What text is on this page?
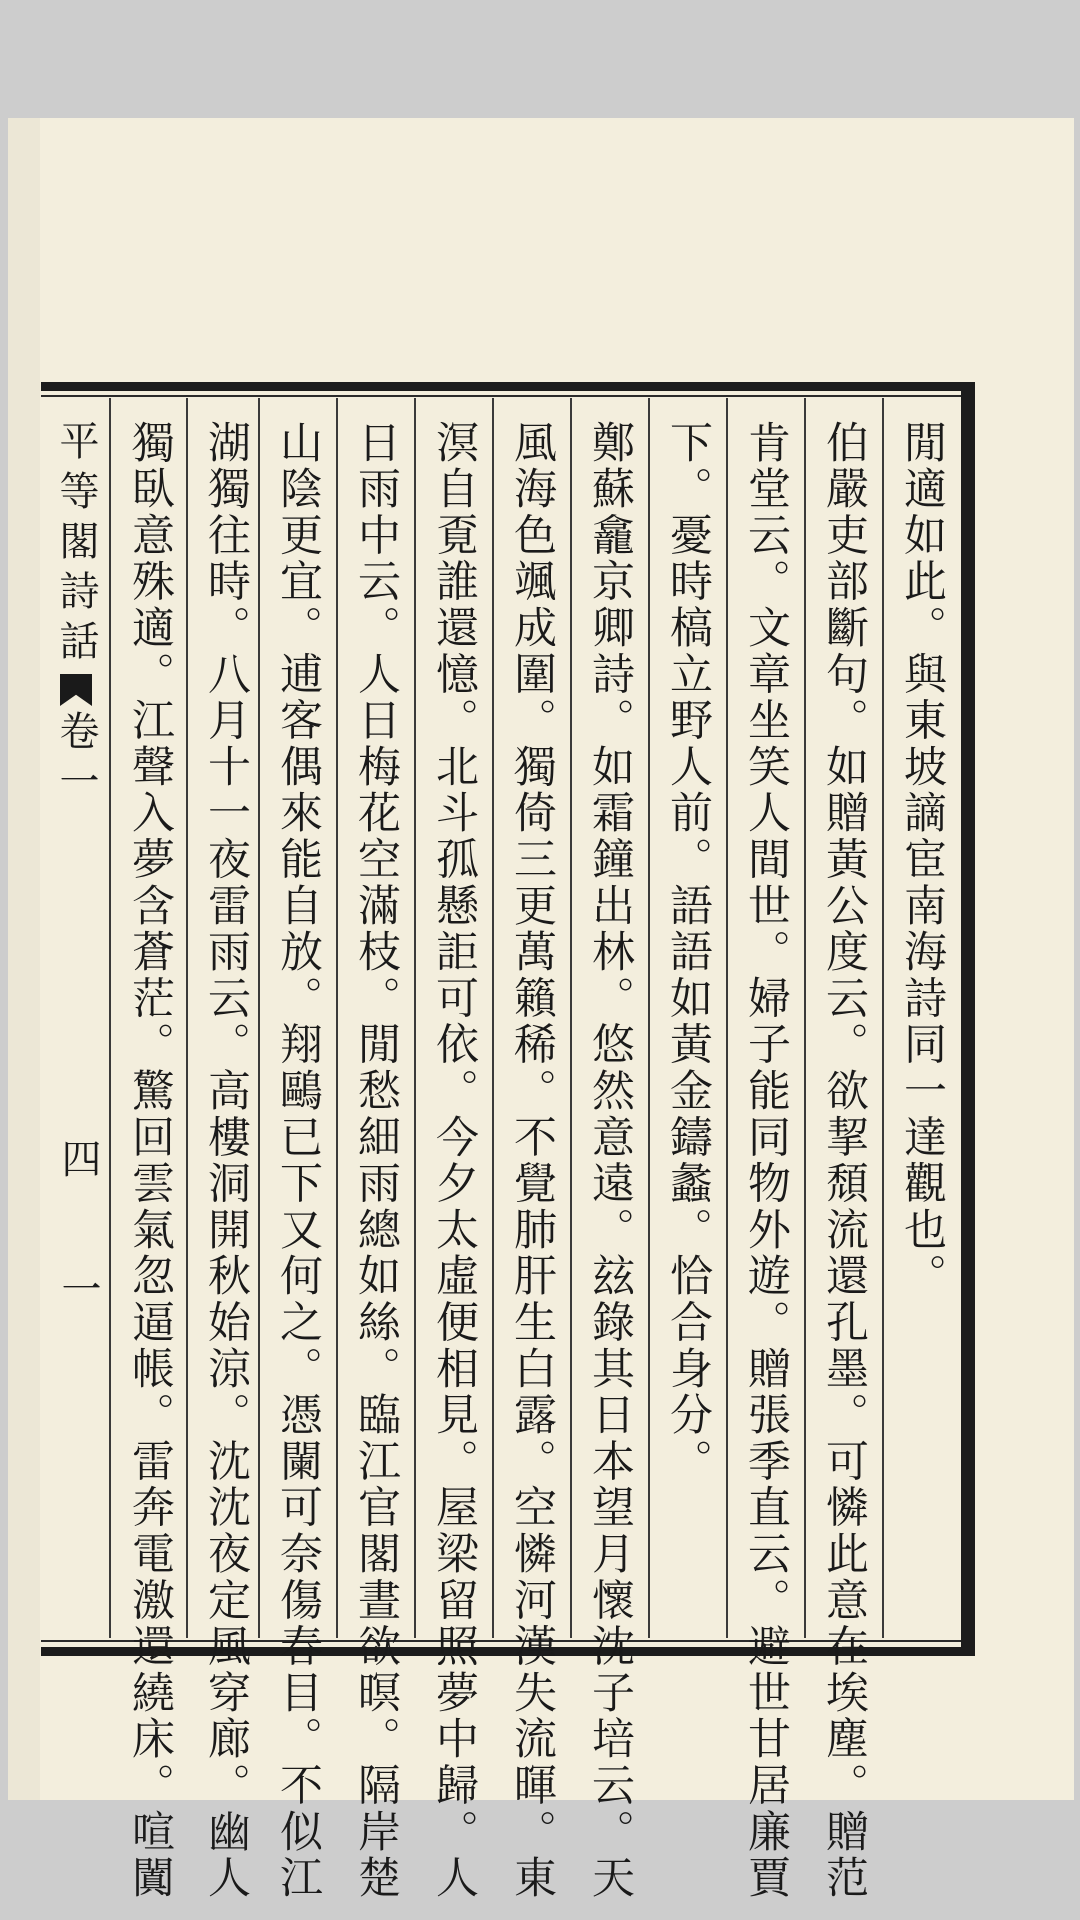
平等閣詩話卷一
四
一	閒適如此。與東坡謫宦南海詩同一達觀也。
伯嚴吏部斷句。如贈黃公度云。欲挈頹流還孔墨。可憐此意在埃塵。贈范
肯堂云。文章坐笑人間世。婦子能同物外遊。贈張季直云。避世甘居廉賈
下。憂時槁立野人前。語語如黃金鑄蠡。恰合身分。
鄭蘇龕京卿詩。如霜鐘出林。悠然意遠。玆錄其日本望月懷沈子培云。天
風海色颯成圍。獨倚三更萬籟稀。不覺肺肝生白露。空憐河漢失流暉。東
溟自覔誰還憶。北斗孤懸詎可依。今夕太虛便相見。屋梁留照夢中歸。人
日雨中云。人日梅花空滿枝。閒愁細雨總如絲。臨江官閣晝欲暝。隔岸楚
山陰更宜。逋客偶來能自放。翔鷗已下又何之。憑闌可奈傷春目。不似江
湖獨往時。八月十一夜雷雨云。高樓洞開秋始涼。沈沈夜定風穿廊。幽人
獨臥意殊適。江聲入夢含蒼茫。驚回雲氣忽逼帳。雷奔電激還繞床。喧闐
